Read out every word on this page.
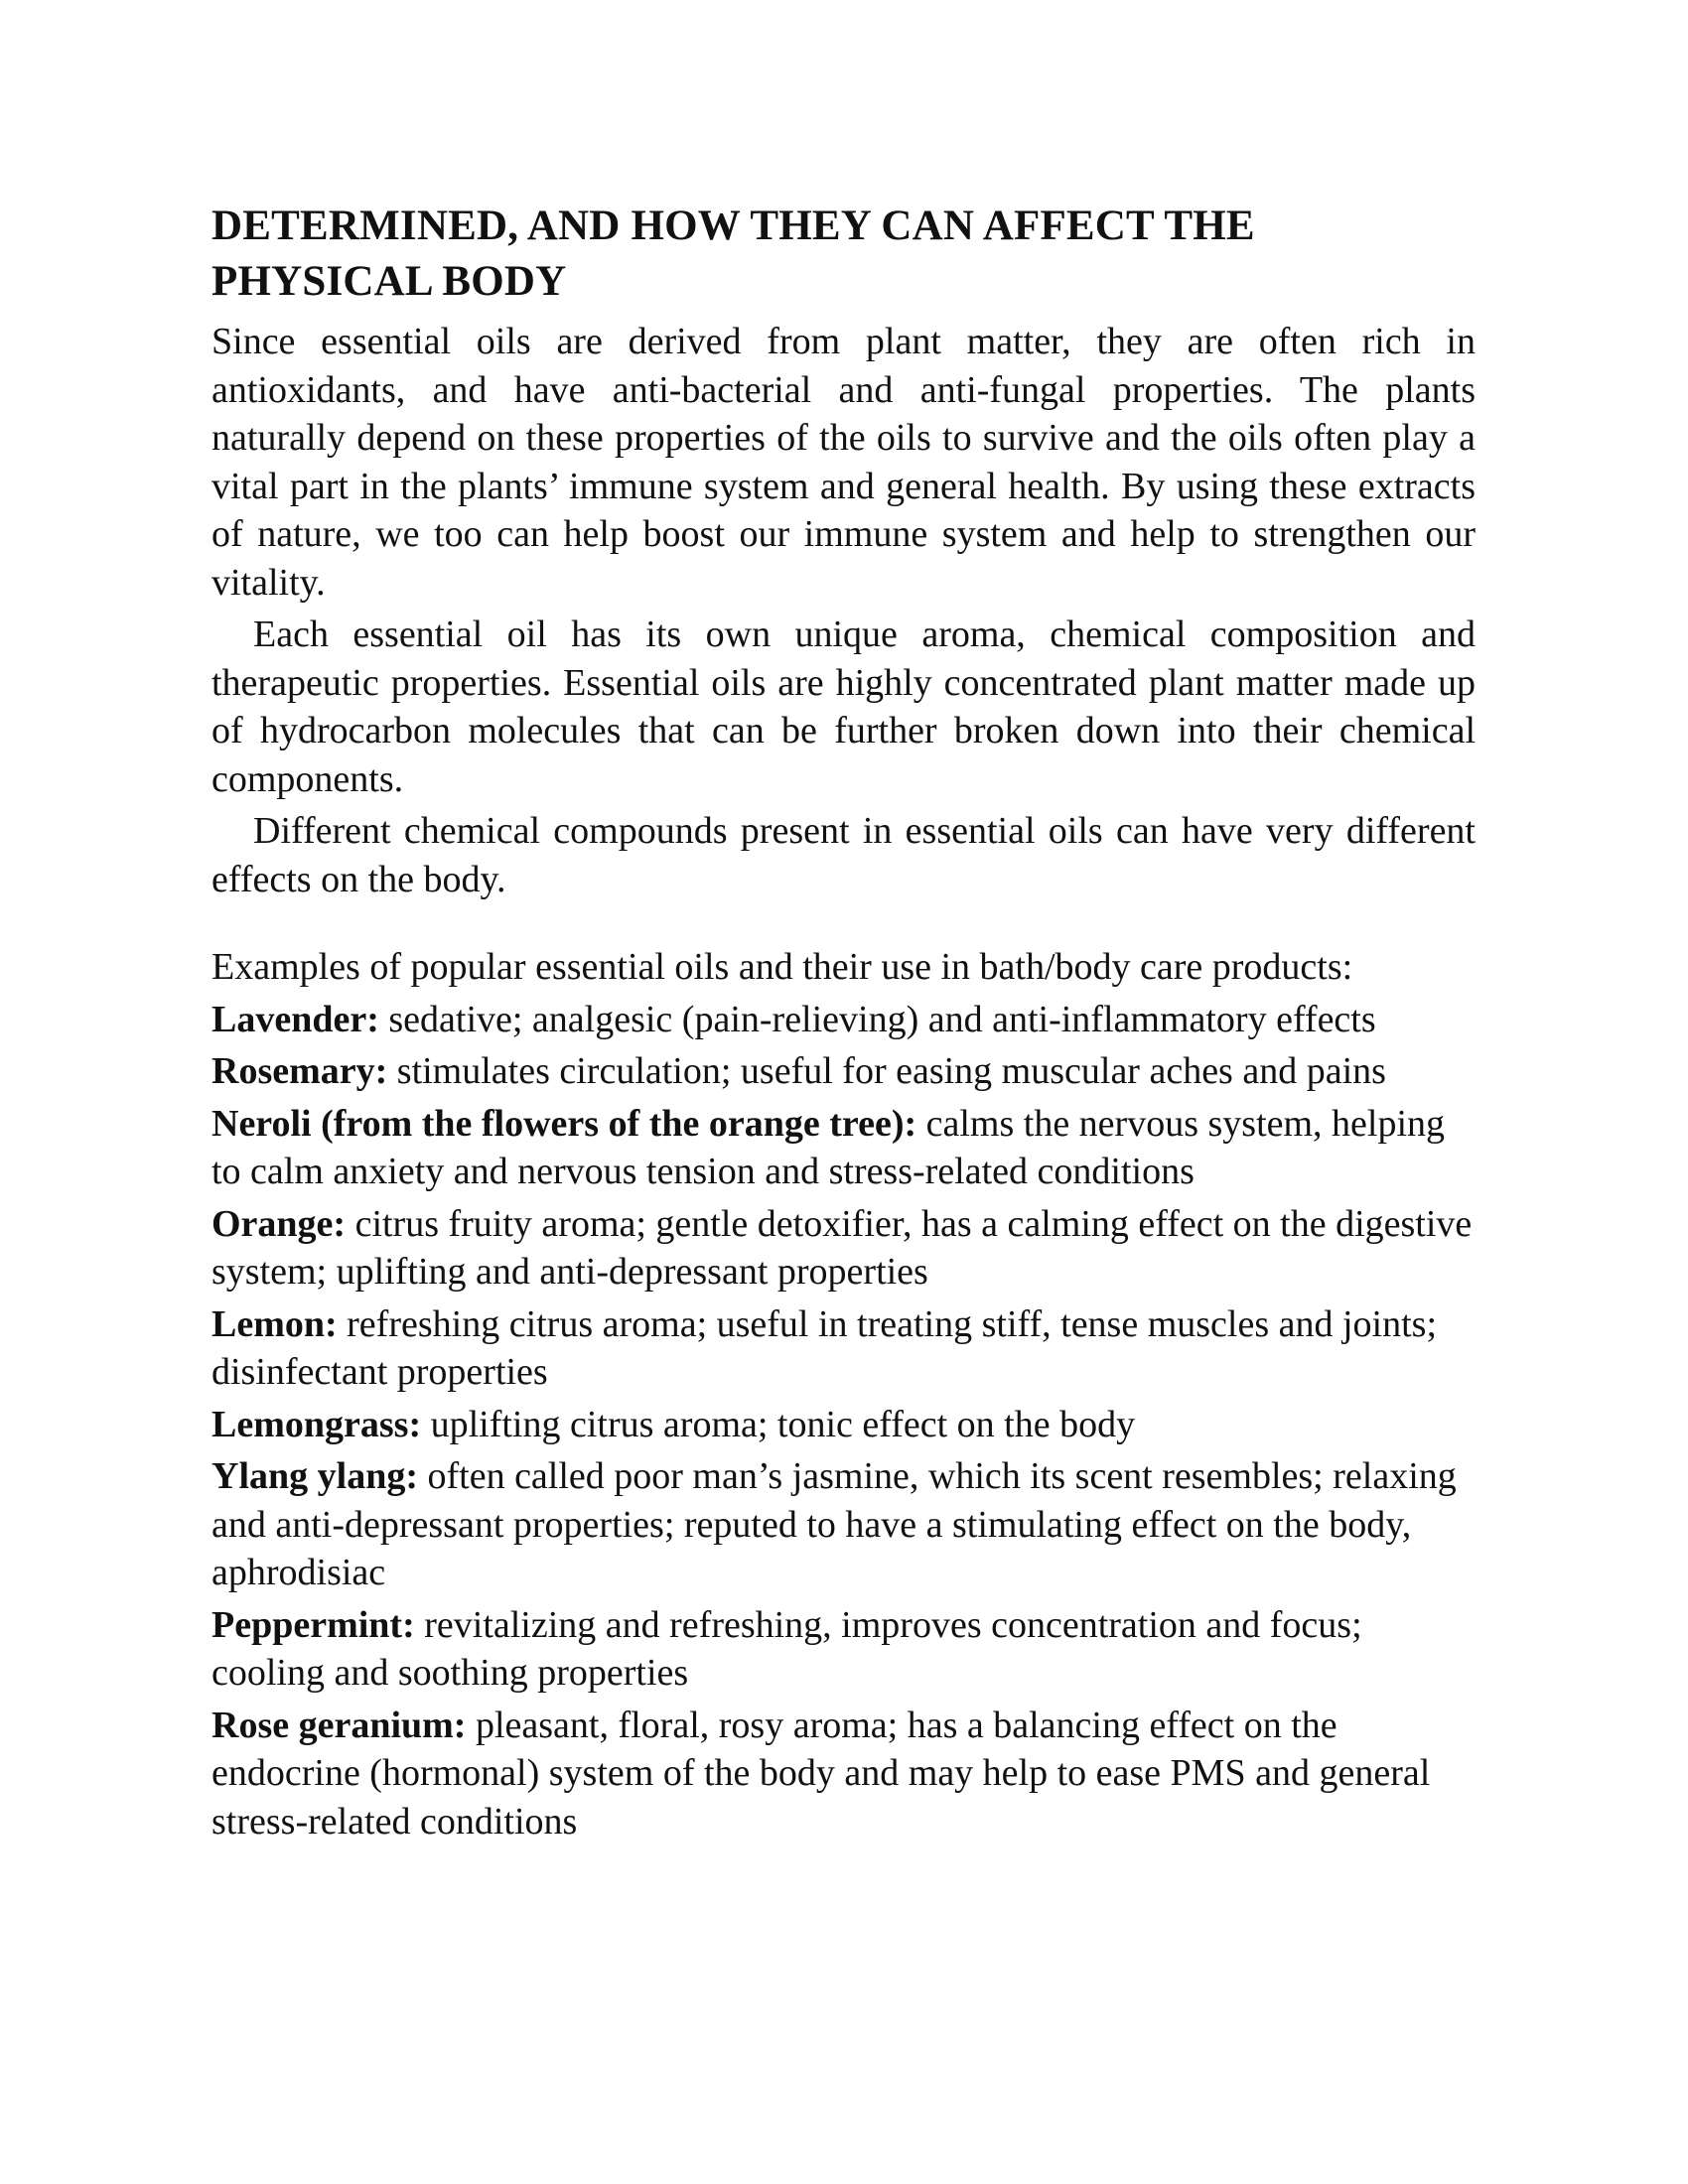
DETERMINED, AND HOW THEY CAN AFFECT THE
PHYSICAL BODY

Since essential oils are derived from plant matter, they are often rich in antioxidants, and have anti-bacterial and anti-fungal properties. The plants naturally depend on these properties of the oils to survive and the oils often play a vital part in the plants’ immune system and general health. By using these extracts of nature, we too can help boost our immune system and help to strengthen our vitality.

Each essential oil has its own unique aroma, chemical composition and therapeutic properties. Essential oils are highly concentrated plant matter made up of hydrocarbon molecules that can be further broken down into their chemical components.

Different chemical compounds present in essential oils can have very different effects on the body.

Examples of popular essential oils and their use in bath/body care products:

Lavender: sedative; analgesic (pain-relieving) and anti-inflammatory effects
Rosemary: stimulates circulation; useful for easing muscular aches and pains
Neroli (from the flowers of the orange tree): calms the nervous system, helping to calm anxiety and nervous tension and stress-related conditions
Orange: citrus fruity aroma; gentle detoxifier, has a calming effect on the digestive system; uplifting and anti-depressant properties
Lemon: refreshing citrus aroma; useful in treating stiff, tense muscles and joints; disinfectant properties
Lemongrass: uplifting citrus aroma; tonic effect on the body
Ylang ylang: often called poor man’s jasmine, which its scent resembles; relaxing and anti-depressant properties; reputed to have a stimulating effect on the body, aphrodisiac
Peppermint: revitalizing and refreshing, improves concentration and focus; cooling and soothing properties
Rose geranium: pleasant, floral, rosy aroma; has a balancing effect on the endocrine (hormonal) system of the body and may help to ease PMS and general stress-related conditions
